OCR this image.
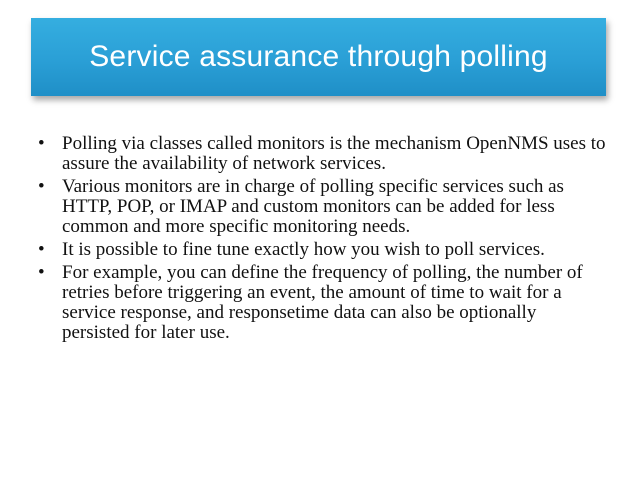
Service assurance through polling
• Polling via classes called monitors is the mechanism OpenNMS uses to assure the availability of network services.
• Various monitors are in charge of polling specific services such as HTTP, POP, or IMAP and custom monitors can be added for less common and more specific monitoring needs.
• It is possible to fine tune exactly how you wish to poll services.
• For example, you can define the frequency of polling, the number of retries before triggering an event, the amount of time to wait for a service response, and responsetime data can also be optionally persisted for later use.
